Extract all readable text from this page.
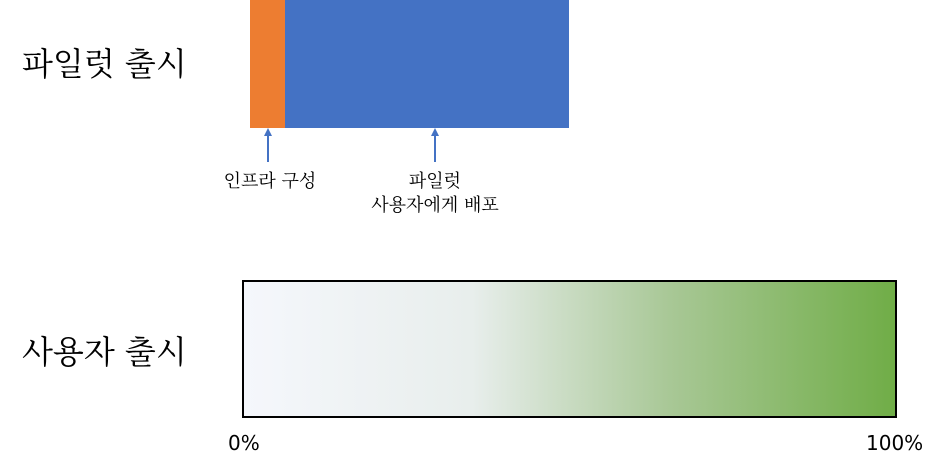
파일럿 출시
인프라 구성	파일럿
사용자에게 배포
사용자 출시
0%	100%
